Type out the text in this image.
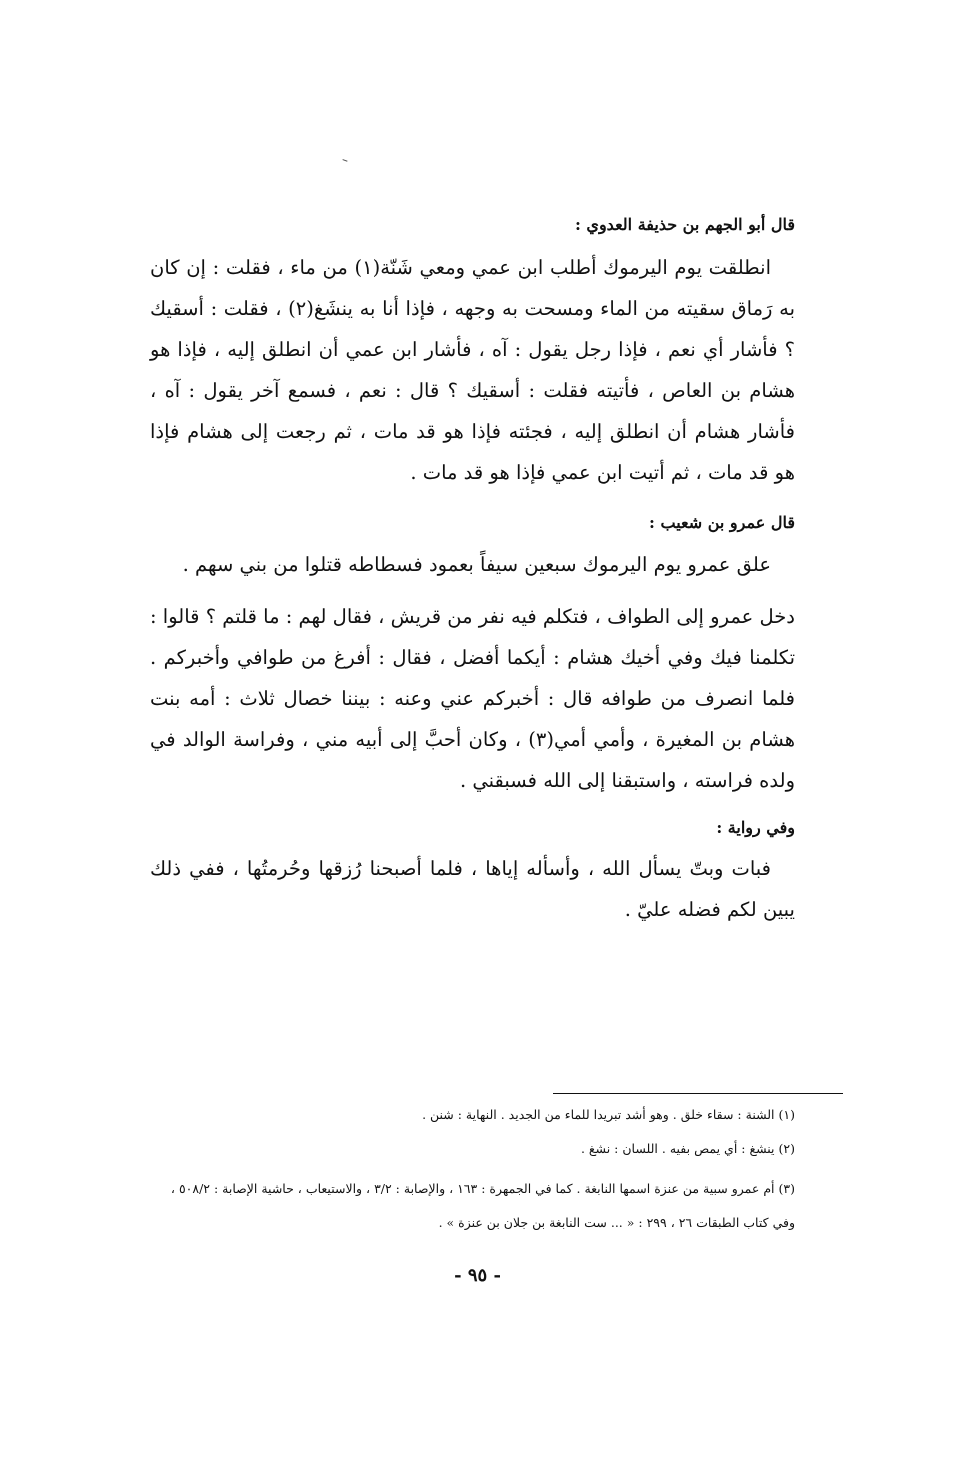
قال أبو الجهم بن حذيفة العدوي :
انطلقت يوم اليرموك أطلب ابن عمي ومعي شَنّة(١) من ماء ، فقلت : إن كان به رَماق سقيته من الماء ومسحت به وجهه ، فإذا أنا به ينشَغ(٢) ، فقلت : أسقيك ؟ فأشار أي نعم ، فإذا رجل يقول : آه ، فأشار ابن عمي أن انطلق إليه ، فإذا هو هشام بن العاص ، فأتيته فقلت : أسقيك ؟ قال : نعم ، فسمع آخر يقول : آه ، فأشار هشام أن انطلق إليه ، فجئته فإذا هو قد مات ، ثم رجعت إلى هشام فإذا هو قد مات ، ثم أتيت ابن عمي فإذا هو قد مات .
قال عمرو بن شعيب :
علق عمرو يوم اليرموك سبعين سيفاً بعمود فسطاطه قتلوا من بني سهم .
دخل عمرو إلى الطواف ، فتكلم فيه نفر من قريش ، فقال لهم : ما قلتم ؟ قالوا : تكلمنا فيك وفي أخيك هشام : أيكما أفضل ، فقال : أفرغ من طوافي وأخبركم . فلما انصرف من طوافه قال : أخبركم عني وعنه : بيننا خصال ثلاث : أمه بنت هشام بن المغيرة ، وأمي أمي(٣) ، وكان أحبَّ إلى أبيه مني ، وفراسة الوالد في ولده فراسته ، واستبقنا إلى الله فسبقني .
وفي رواية :
فبات وبتّ يسأل الله ، وأسأله إياها ، فلما أصبحنا رُزقها وحُرمتُها ، ففي ذلك يبين لكم فضله عليّ .
(١) الشنة : سقاء خلق . وهو أشد تبريدا للماء من الجديد . النهاية : شنن .
(٢) ينشغ : أي يمص بفيه . اللسان : نشغ .
(٣) أم عمرو سبية من عنزة اسمها النابغة . كما في الجمهرة : ١٦٣ ، والإصابة : ٣/٢ ، والاستيعاب ، حاشية الإصابة : ٥٠٨/٢ ، وفي كتاب الطبقات ٢٦ ، ٢٩٩ : « ... ست النابغة بن جلان بن عنزة » .
- ٩٥ -
